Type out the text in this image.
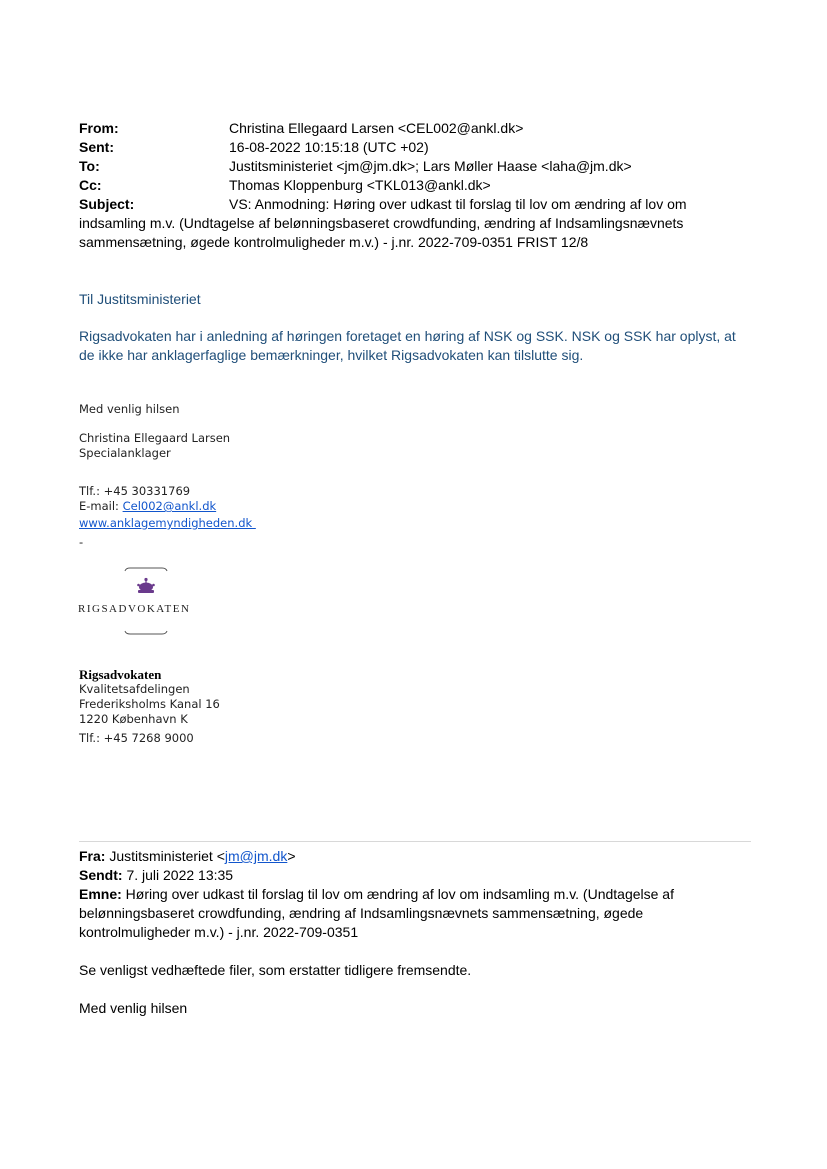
From:	Christina Ellegaard Larsen <CEL002@ankl.dk>
Sent:	16-08-2022 10:15:18 (UTC +02)
To:	Justitsministeriet <jm@jm.dk>; Lars Møller Haase <laha@jm.dk>
Cc:	Thomas Kloppenburg <TKL013@ankl.dk>
Subject:	VS: Anmodning: Høring over udkast til forslag til lov om ændring af lov om indsamling m.v. (Undtagelse af belønningsbaseret crowdfunding, ændring af Indsamlingsnævnets sammensætning, øgede kontrolmuligheder m.v.) - j.nr. 2022-709-0351 FRIST 12/8
Til Justitsministeriet
Rigsadvokaten har i anledning af høringen foretaget en høring af NSK og SSK. NSK og SSK har oplyst, at de ikke har anklagerfaglige bemærkninger, hvilket Rigsadvokaten kan tilslutte sig.
Med venlig hilsen
Christina Ellegaard Larsen
Specialanklager
Tlf.: +45 30331769
E-mail: Cel002@ankl.dk
www.anklagemyndigheden.dk
-
RIGSADVOKATEN
Rigsadvokaten
Kvalitetsafdelingen
Frederiksholms Kanal 16
1220 København K
Tlf.: +45 7268 9000
Fra: Justitsministeriet <jm@jm.dk>
Sendt: 7. juli 2022 13:35
Emne: Høring over udkast til forslag til lov om ændring af lov om indsamling m.v. (Undtagelse af belønningsbaseret crowdfunding, ændring af Indsamlingsnævnets sammensætning, øgede kontrolmuligheder m.v.) - j.nr. 2022-709-0351
Se venligst vedhæftede filer, som erstatter tidligere fremsendte.
Med venlig hilsen
